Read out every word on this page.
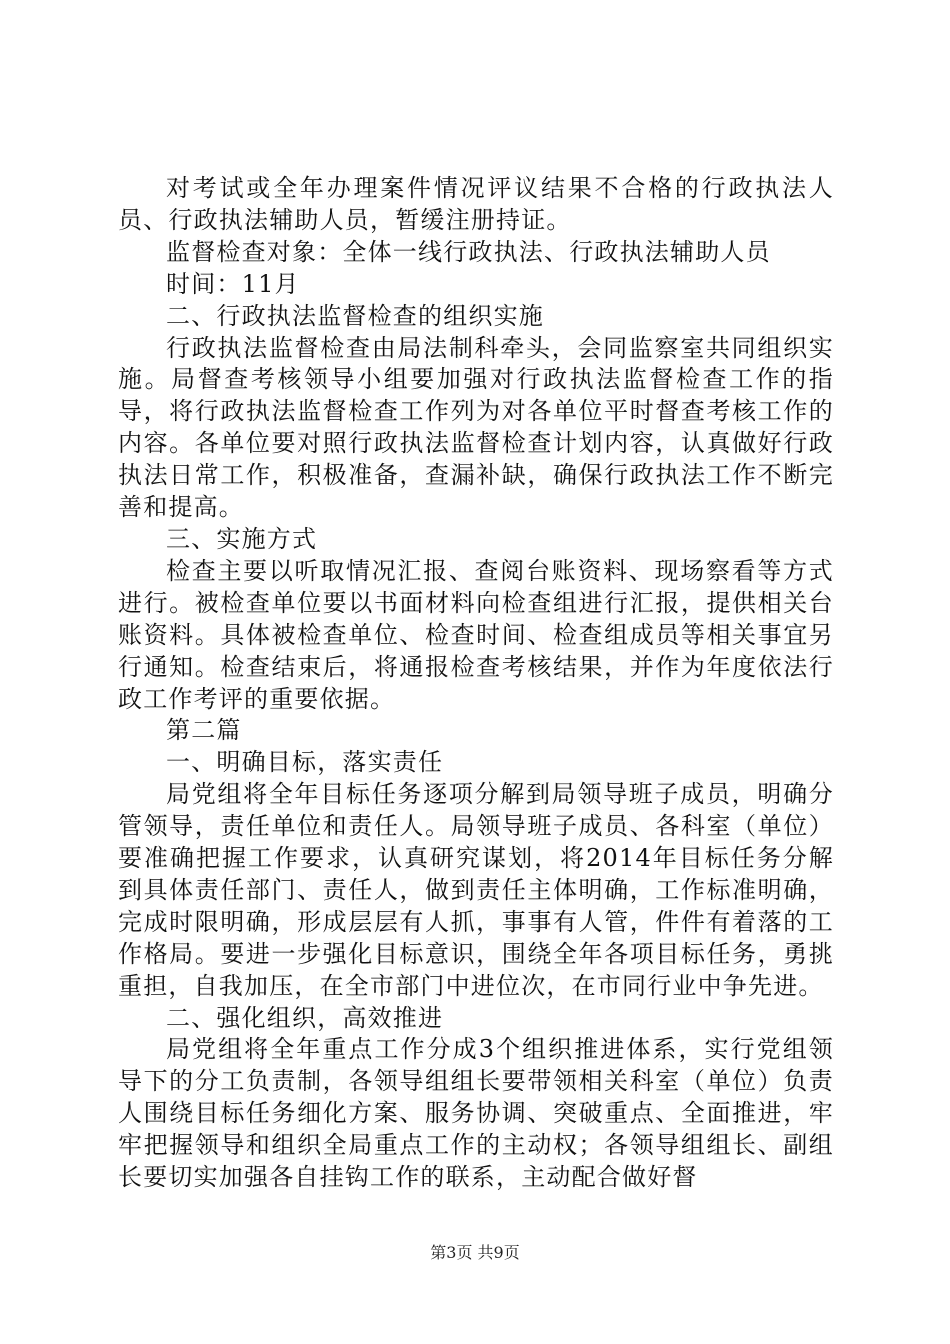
对考试或全年办理案件情况评议结果不合格的行政执法人员、行政执法辅助人员，暂缓注册持证。

监督检查对象：全体一线行政执法、行政执法辅助人员

时间：11月

二、行政执法监督检查的组织实施

行政执法监督检查由局法制科牵头，会同监察室共同组织实施。局督查考核领导小组要加强对行政执法监督检查工作的指导，将行政执法监督检查工作列为对各单位平时督查考核工作的内容。各单位要对照行政执法监督检查计划内容，认真做好行政执法日常工作，积极准备，查漏补缺，确保行政执法工作不断完善和提高。

三、实施方式

检查主要以听取情况汇报、查阅台账资料、现场察看等方式进行。被检查单位要以书面材料向检查组进行汇报，提供相关台账资料。具体被检查单位、检查时间、检查组成员等相关事宜另行通知。检查结束后，将通报检查考核结果，并作为年度依法行政工作考评的重要依据。

第二篇

一、明确目标，落实责任

局党组将全年目标任务逐项分解到局领导班子成员，明确分管领导，责任单位和责任人。局领导班子成员、各科室（单位）要准确把握工作要求，认真研究谋划，将2014年目标任务分解到具体责任部门、责任人，做到责任主体明确，工作标准明确，完成时限明确，形成层层有人抓，事事有人管，件件有着落的工作格局。要进一步强化目标意识，围绕全年各项目标任务，勇挑重担，自我加压，在全市部门中进位次，在市同行业中争先进。

二、强化组织，高效推进

局党组将全年重点工作分成3个组织推进体系，实行党组领导下的分工负责制，各领导组组长要带领相关科室（单位）负责人围绕目标任务细化方案、服务协调、突破重点、全面推进，牢牢把握领导和组织全局重点工作的主动权；各领导组组长、副组长要切实加强各自挂钩工作的联系，主动配合做好督

第3页 共9页
